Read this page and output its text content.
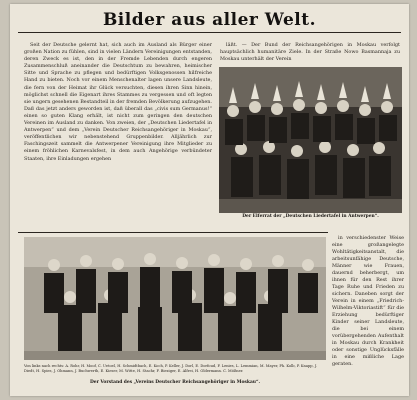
Bilder aus aller Welt.

Seit der Deutsche gelernt hat, sich auch im Ausland als Bürger einer großen Nation zu fühlen, sind in vielen Ländern Vereinigungen entstanden, deren Zweck es ist, den in der Fremde Lebenden durch engeren Zusammenschluß aneinander die Deutschtum zu bewahren, heimischer Sitte und Sprache zu pflegen und bedürftigen Volksgenossen hilfreiche Hand zu bieten. Noch vor einem Menschenalter lagen unsere Landsleute, die fern von der Heimat ihr Glück versuchten, diesen ihren Sinn hinein, möglichst schnell die Eigenart ihres Stammes zu vergessen und oft legten sie ungern gesehenen Bestandteil in der fremden Bevölkerung aufzugehen. Daß das jetzt anders geworden ist, daß überall das „civis sum Germanus!“ einen so guten Klang erhält, ist nicht zum geringen den deutschen Vereinen im Ausland zu danken. Von zweien, der „Deutschen Liedertafel in Antwerpen“ und dem „Verein Deutscher Reichsangehöriger in Moskau“, veröffentlichen wir nebenstehend Gruppenbilder. Alljährlich zur Faschingszeit sammelt die Antwerpener Vereinigung ihre Mitglieder zu einem fröhlichen Karnevalsfest, in dem auch Angehörige verbündeter Staaten, ihre Einladungen ergehen

läßt. — Der Bund der Reichsangehörigen in Moskau verfolgt hauptsächlich humanitäre Ziele. In der Straße Nowo Basmannaja zu Moskau unterhält der Verein

Der Elferrat der „Deutschen Liedertafel in Antwerpen“.

in verschiedenster Weise eine großangelegte Wohltätigkeitsanstalt, die arbeitsunfähige Deutsche, Männer wie Frauen, dauernd beherbergt, um ihnen für den Rest ihrer Tage Ruhe und Frieden zu sichern. Daneben sorgt der Verein in einem „Friedrich-Wilhelm-Viktoriastift“ für die Erziehung bedürftiger Kinder seiner Landsleute, die bei einem vorübergehenden Aufenthalt in Moskau durch Krankheit oder sonstige Unglücksfälle in eine mißliche Lage geraten.

Von links nach rechts: A. Rohr, H. Moof, C. Uetoel, H. Schmidtbach, E. Koch, P. Keller, J. Dorl, E. Dorfoud, F. Lenies, L. Lemmian, M. Mayer, Ph. Kolb, P. Knapp, J. Diedt, H. Spies, J. Ohmann, J. Buchwerth, E. Kieser, M. Witte, H. Stachr, F. Bieziger, E. Alfrei, H. Oldermann. C. Mößner.
Der Vorstand des „Vereins Deutscher Reichsangehöriger in Moskau“.
